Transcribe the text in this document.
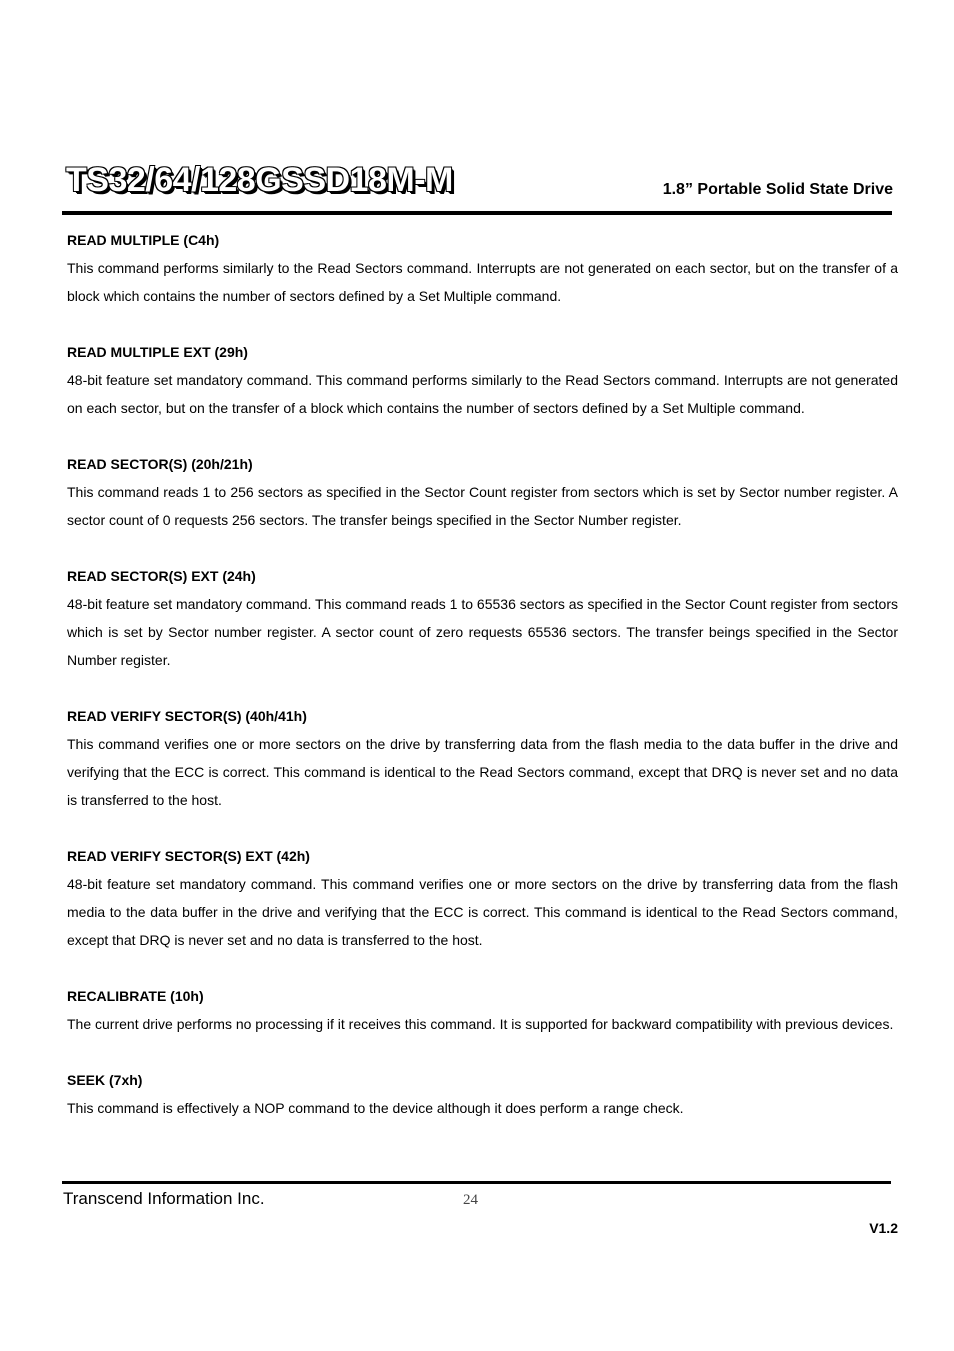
TS32/64/128GSSD18M-M	1.8” Portable Solid State Drive
READ MULTIPLE (C4h)
This command performs similarly to the Read Sectors command. Interrupts are not generated on each sector, but on the transfer of a block which contains the number of sectors defined by a Set Multiple command.
READ MULTIPLE EXT (29h)
48-bit feature set mandatory command. This command performs similarly to the Read Sectors command. Interrupts are not generated on each sector, but on the transfer of a block which contains the number of sectors defined by a Set Multiple command.
READ SECTOR(S) (20h/21h)
This command reads 1 to 256 sectors as specified in the Sector Count register from sectors which is set by Sector number register. A sector count of 0 requests 256 sectors. The transfer beings specified in the Sector Number register.
READ SECTOR(S) EXT (24h)
48-bit feature set mandatory command. This command reads 1 to 65536 sectors as specified in the Sector Count register from sectors which is set by Sector number register. A sector count of zero requests 65536 sectors. The transfer beings specified in the Sector Number register.
READ VERIFY SECTOR(S) (40h/41h)
This command verifies one or more sectors on the drive by transferring data from the flash media to the data buffer in the drive and verifying that the ECC is correct. This command is identical to the Read Sectors command, except that DRQ is never set and no data is transferred to the host.
READ VERIFY SECTOR(S) EXT (42h)
48-bit feature set mandatory command. This command verifies one or more sectors on the drive by transferring data from the flash media to the data buffer in the drive and verifying that the ECC is correct. This command is identical to the Read Sectors command, except that DRQ is never set and no data is transferred to the host.
RECALIBRATE (10h)
The current drive performs no processing if it receives this command. It is supported for backward compatibility with previous devices.
SEEK (7xh)
This command is effectively a NOP command to the device although it does perform a range check.
Transcend Information Inc.	24
V1.2
